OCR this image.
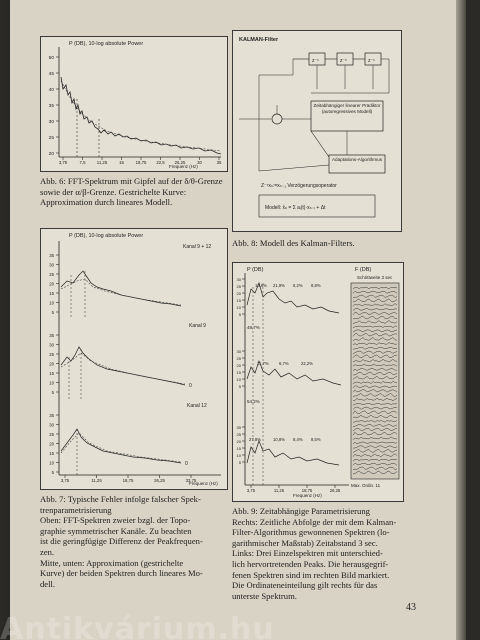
P (DB), 10·log absolute Power
50
45
40
35
30
25
20
3,75	7,5	11,25	15	18,75 22,5 26,25	30	35
Frequenz (Hz)

Abb. 6: FFT-Spektrum mit Gipfel auf der δ/θ-Grenze sowie der α/β-Grenze. Gestrichelte Kurve: Approximation durch lineares Modell.

KALMAN-Filter
z⁻¹	z⁻¹	z⁻¹
Zeitabhängiger linearer Prädiktor (autoregressives Modell)
Adaptations-Algorithmus
Z⁻¹xₙ:=xₙ₋₁ Verzögerungsoperator
Modell: x̂ₙ = Σ aᵢ(t)·xₙ₋ᵢ + Δt

Abb. 8: Modell des Kalman-Filters.

P (DB), 10·log absolute Power
35
30
25
20
15
10
5
35
30
25
20
15
10
5
35
30
25
20
15
10
5
Kanal 9 + 12
Kanal 9
Kanal 12
0
0
3,75	11,25	18,75	26,25	33,75
Frequenz (Hz)

Abb. 7: Typische Fehler infolge falscher Spek-

trenparametrisierung

Oben: FFT-Spektren zweier bzgl. der Topo-

graphie symmetrischer Kanäle. Zu beachten

ist die geringfügige Differenz der Peakfrequen-

zen.

Mitte, unten: Approximation (gestrichelte

Kurve) der beiden Spektren durch lineares Mo-

dell.

P (DB)	F (DB)
Schrittweite 3 sec
30
25
20
15
10
5
30
25
20
15
10
5
30
25
20
15
10
5
10,6% 21,9% 6,2% 8,8%
11,7% 6,7%	22,2%
27,8%	10,8% 8,4% 8,5%
48,7%
54,2%
3,75	11,25	18,75	26,25
Frequenz (Hz)
Max. Ordin. 11

Abb. 9: Zeitabhängige Parametrisierung

Rechts: Zeitliche Abfolge der mit dem Kalman-

Filter-Algorithmus gewonnenen Spektren (lo-

garithmischer Maßstab) Zeitabstand 3 sec.

Links: Drei Einzelspektren mit unterschied-

lich hervortretenden Peaks. Die herausgegrif-

fenen Spektren sind im rechten Bild markiert.

Die Ordinateneinteilung gilt rechts für das

unterste Spektrum.

43
Antikvárium.hu
